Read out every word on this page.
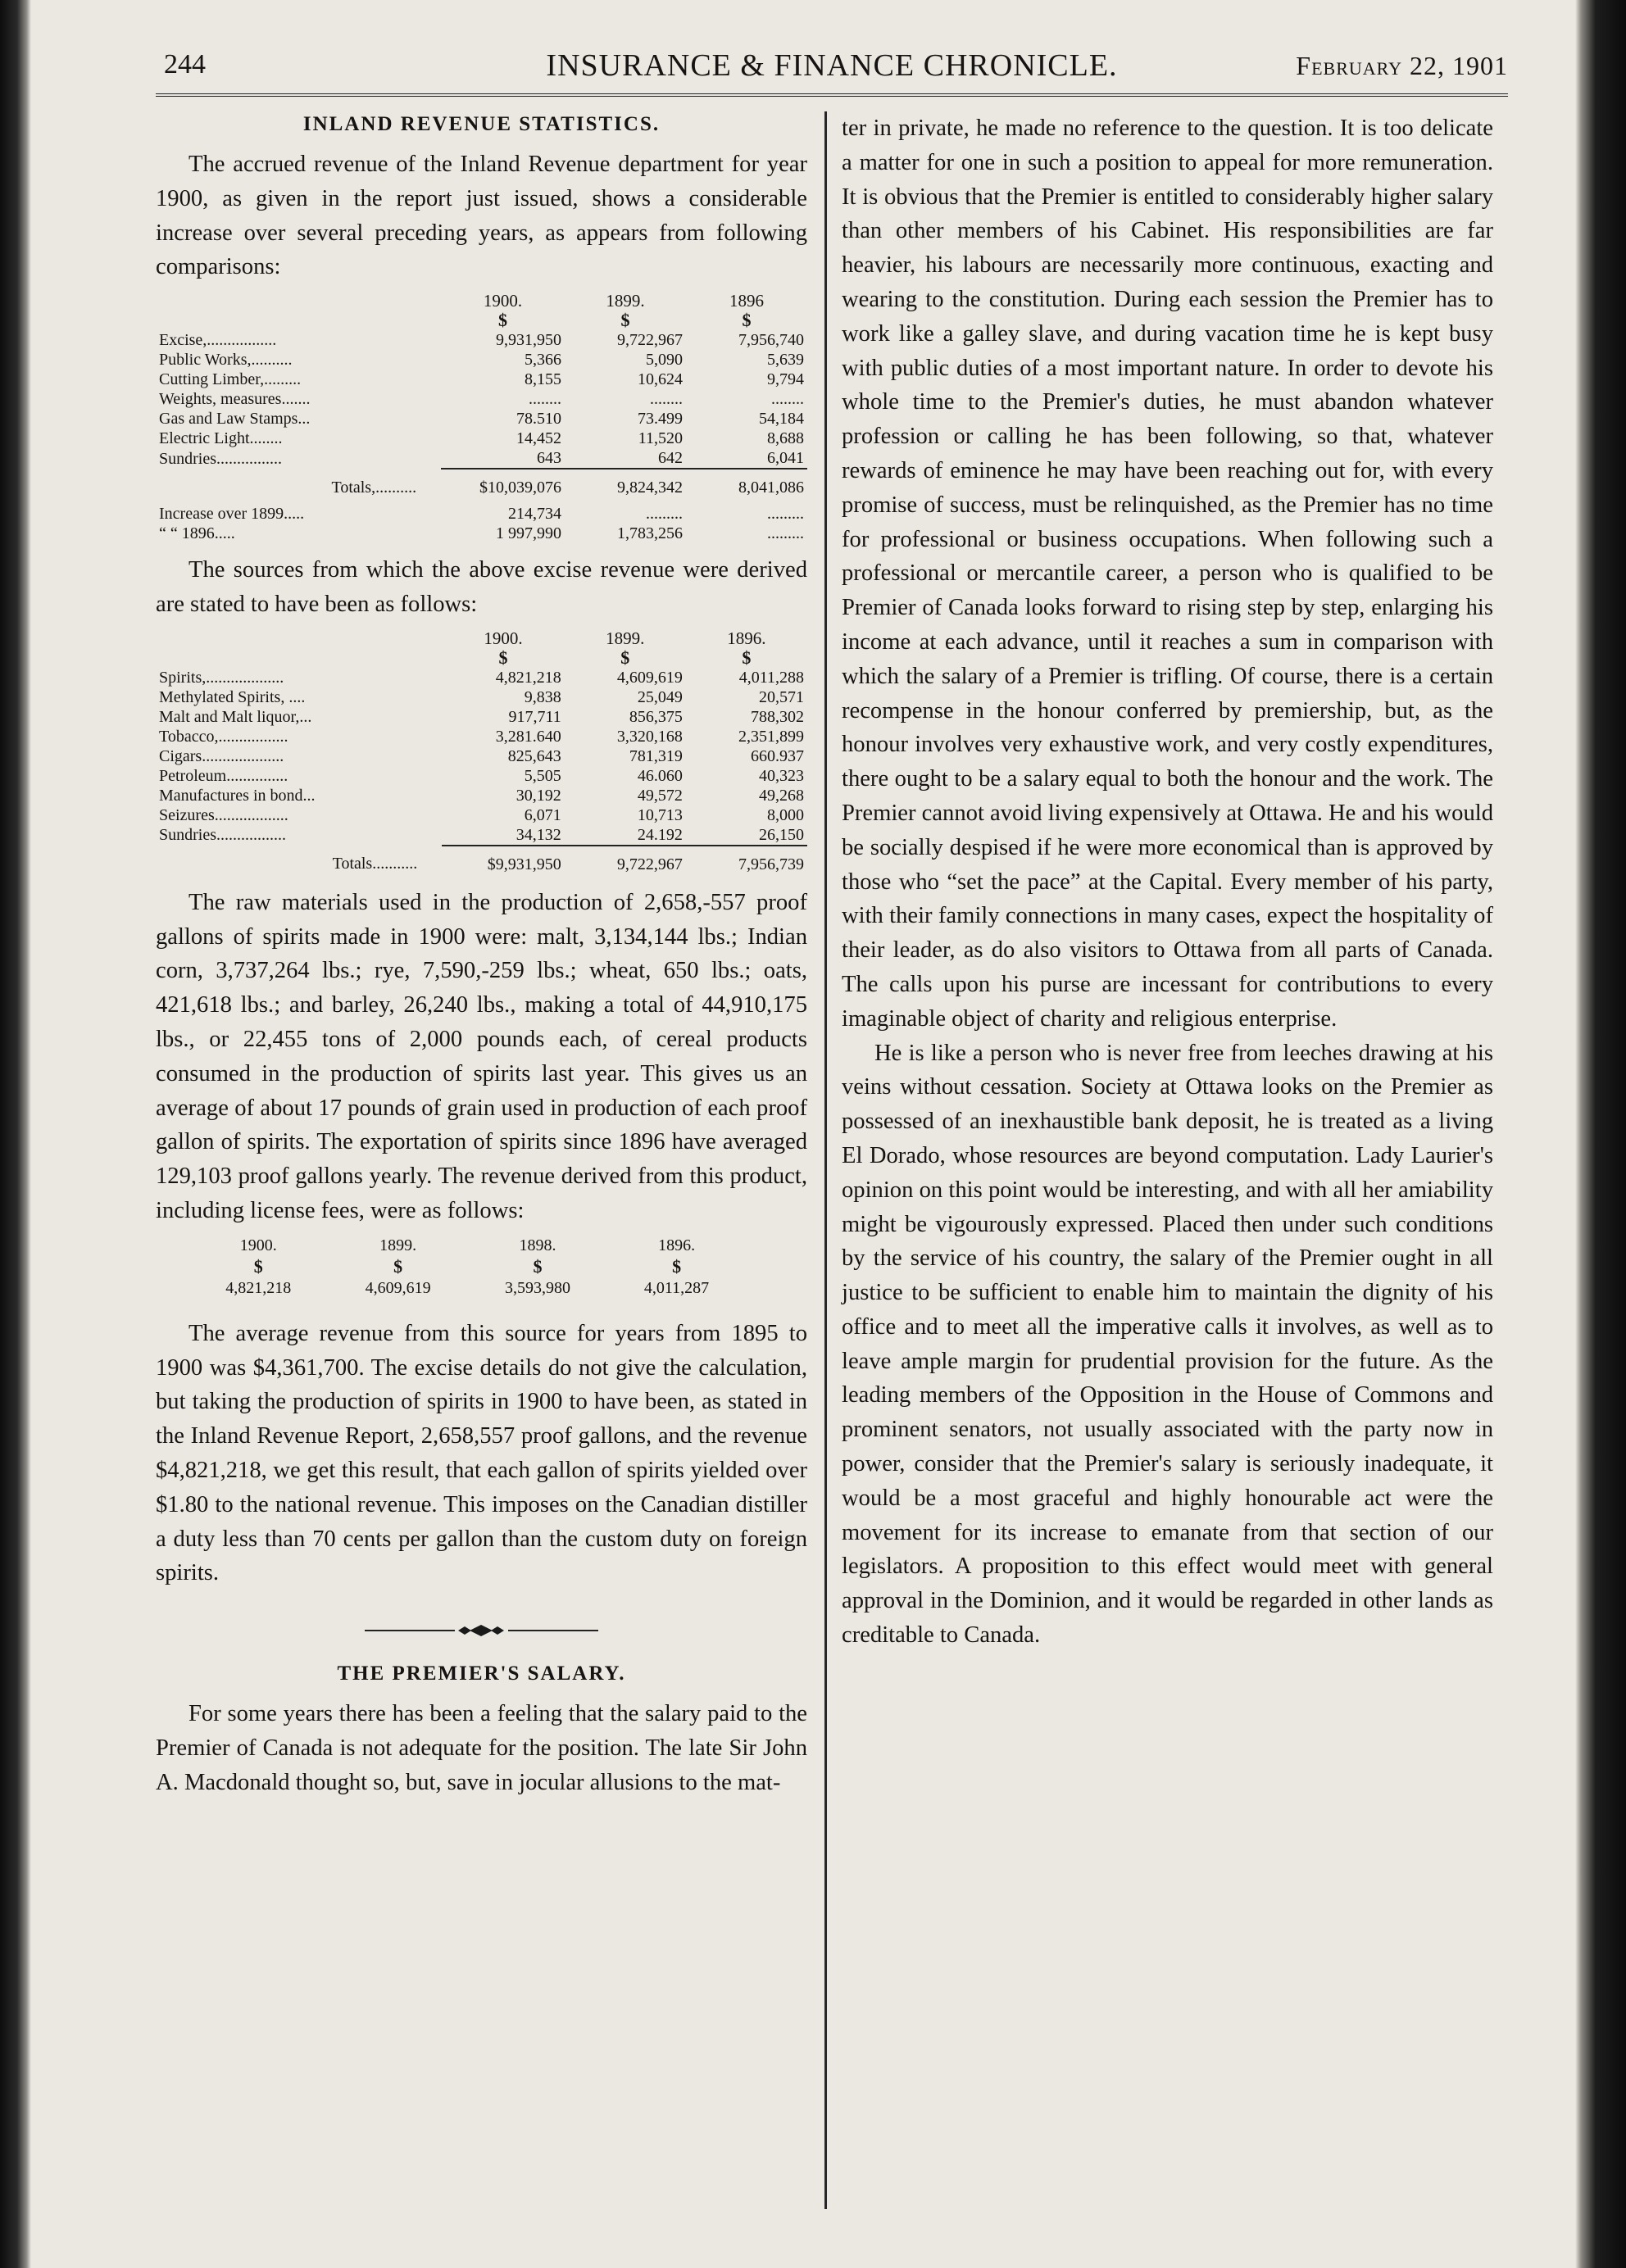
244	INSURANCE & FINANCE CHRONICLE.	February 22, 1901
INLAND REVENUE STATISTICS.

The accrued revenue of the Inland Revenue department for year 1900, as given in the report just issued, shows a considerable increase over several preceding years, as appears from following comparisons:

	1900.	1899.	1896
	$	$	$
Excise,.................	9,931,950	9,722,967	7,956,740
Public Works,..........	5,366	5,090	5,639
Cutting Limber,.........	8,155	10,624	9,794
Weights, measures.......	........	........	........
Gas and Law Stamps...	78.510	73.499	54,184
Electric Light........	14,452	11,520	8,688
Sundries................	643	642	6,041
Totals,..........	$10,039,076	9,824,342	8,041,086

Increase over 1899.....	214,734	.........	.........
“ “ 1896.....	1 997,990	1,783,256	.........

The sources from which the above excise revenue were derived are stated to have been as follows:

	1900.	1899.	1896.
	$	$	$
Spirits,...................	4,821,218	4,609,619	4,011,288
Methylated Spirits, ....	9,838	25,049	20,571
Malt and Malt liquor,...	917,711	856,375	788,302
Tobacco,.................	3,281.640	3,320,168	2,351,899
Cigars....................	825,643	781,319	660.937
Petroleum...............	5,505	46.060	40,323
Manufactures in bond...	30,192	49,572	49,268
Seizures..................	6,071	10,713	8,000
Sundries.................	34,132	24.192	26,150
Totals...........	$9,931,950	9,722,967	7,956,739

The raw materials used in the production of 2,658,-557 proof gallons of spirits made in 1900 were: malt, 3,134,144 lbs.; Indian corn, 3,737,264 lbs.; rye, 7,590,-259 lbs.; wheat, 650 lbs.; oats, 421,618 lbs.; and barley, 26,240 lbs., making a total of 44,910,175 lbs., or 22,455 tons of 2,000 pounds each, of cereal products consumed in the production of spirits last year. This gives us an average of about 17 pounds of grain used in production of each proof gallon of spirits. The exportation of spirits since 1896 have averaged 129,103 proof gallons yearly. The revenue derived from this product, including license fees, were as follows:

1900.	1899.	1898.	1896.
$	$	$	$
4,821,218	4,609,619	3,593,980	4,011,287

The average revenue from this source for years from 1895 to 1900 was $4,361,700. The excise details do not give the calculation, but taking the production of spirits in 1900 to have been, as stated in the Inland Revenue Report, 2,658,557 proof gallons, and the revenue $4,821,218, we get this result, that each gallon of spirits yielded over $1.80 to the national revenue. This imposes on the Canadian distiller a duty less than 70 cents per gallon than the custom duty on foreign spirits.

THE PREMIER'S SALARY.

For some years there has been a feeling that the salary paid to the Premier of Canada is not adequate for the position. The late Sir John A. Macdonald thought so, but, save in jocular allusions to the mat-

ter in private, he made no reference to the question. It is too delicate a matter for one in such a position to appeal for more remuneration. It is obvious that the Premier is entitled to considerably higher salary than other members of his Cabinet. His responsibilities are far heavier, his labours are necessarily more continuous, exacting and wearing to the constitution. During each session the Premier has to work like a galley slave, and during vacation time he is kept busy with public duties of a most important nature. In order to devote his whole time to the Premier's duties, he must abandon whatever profession or calling he has been following, so that, whatever rewards of eminence he may have been reaching out for, with every promise of success, must be relinquished, as the Premier has no time for professional or business occupations. When following such a professional or mercantile career, a person who is qualified to be Premier of Canada looks forward to rising step by step, enlarging his income at each advance, until it reaches a sum in comparison with which the salary of a Premier is trifling. Of course, there is a certain recompense in the honour conferred by premiership, but, as the honour involves very exhaustive work, and very costly expenditures, there ought to be a salary equal to both the honour and the work. The Premier cannot avoid living expensively at Ottawa. He and his would be socially despised if he were more economical than is approved by those who “set the pace” at the Capital. Every member of his party, with their family connections in many cases, expect the hospitality of their leader, as do also visitors to Ottawa from all parts of Canada. The calls upon his purse are incessant for contributions to every imaginable object of charity and religious enterprise.

He is like a person who is never free from leeches drawing at his veins without cessation. Society at Ottawa looks on the Premier as possessed of an inexhaustible bank deposit, he is treated as a living El Dorado, whose resources are beyond computation. Lady Laurier's opinion on this point would be interesting, and with all her amiability might be vigourously expressed. Placed then under such conditions by the service of his country, the salary of the Premier ought in all justice to be sufficient to enable him to maintain the dignity of his office and to meet all the imperative calls it involves, as well as to leave ample margin for prudential provision for the future. As the leading members of the Opposition in the House of Commons and prominent senators, not usually associated with the party now in power, consider that the Premier's salary is seriously inadequate, it would be a most graceful and highly honourable act were the movement for its increase to emanate from that section of our legislators. A proposition to this effect would meet with general approval in the Dominion, and it would be regarded in other lands as creditable to Canada.
